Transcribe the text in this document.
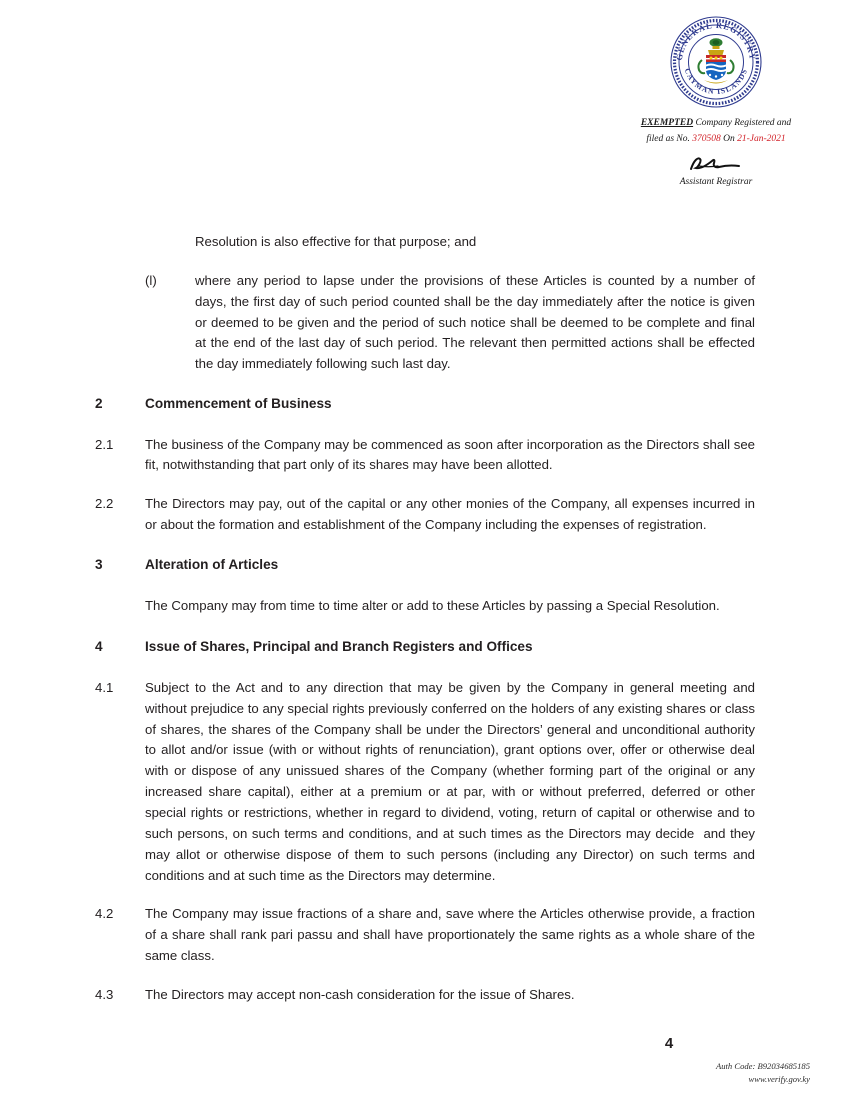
GENERAL REGISTRY
CAYMAN ISLANDS
EXEMPTED Company Registered and
filed as No. 370508 On 21-Jan-2021
Assistant Registrar
Resolution is also effective for that purpose; and
(l)	where any period to lapse under the provisions of these Articles is counted by a number of days, the first day of such period counted shall be the day immediately after the notice is given or deemed to be given and the period of such notice shall be deemed to be complete and final at the end of the last day of such period. The relevant then permitted actions shall be effected the day immediately following such last day.
2	Commencement of Business
2.1	The business of the Company may be commenced as soon after incorporation as the Directors shall see fit, notwithstanding that part only of its shares may have been allotted.
2.2	The Directors may pay, out of the capital or any other monies of the Company, all expenses incurred in or about the formation and establishment of the Company including the expenses of registration.
3	Alteration of Articles
The Company may from time to time alter or add to these Articles by passing a Special Resolution.
4	Issue of Shares, Principal and Branch Registers and Offices
4.1	Subject to the Act and to any direction that may be given by the Company in general meeting and without prejudice to any special rights previously conferred on the holders of any existing shares or class of shares, the shares of the Company shall be under the Directors’ general and unconditional authority to allot and/or issue (with or without rights of renunciation), grant options over, offer or otherwise deal with or dispose of any unissued shares of the Company (whether forming part of the original or any increased share capital), either at a premium or at par, with or without preferred, deferred or other special rights or restrictions, whether in regard to dividend, voting, return of capital or otherwise and to such persons, on such terms and conditions, and at such times as the Directors may decide  and they may allot or otherwise dispose of them to such persons (including any Director) on such terms and conditions and at such time as the Directors may determine.
4.2	The Company may issue fractions of a share and, save where the Articles otherwise provide, a fraction of a share shall rank pari passu and shall have proportionately the same rights as a whole share of the same class.
4.3	The Directors may accept non-cash consideration for the issue of Shares.
4
Auth Code: B92034685185
www.verify.gov.ky
